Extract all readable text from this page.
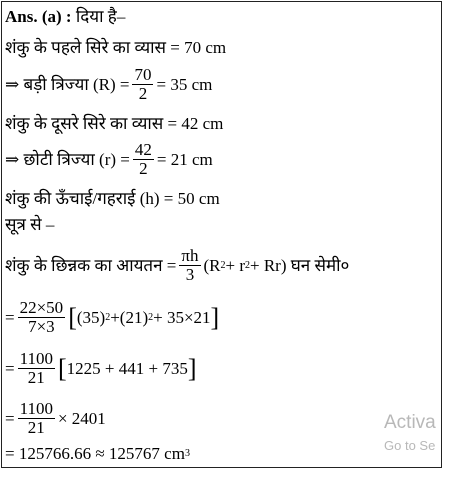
Ans. (a) :
दिया है–
शंकु के पहले सिरे का व्यास = 70 cm
⇒ बड़ी त्रिज्या $(R) = \frac{70}{2} = 35$ cm
शंकु के दूसरे सिरे का व्यास = 42 cm
⇒ छोटी त्रिज्या $(r) = \frac{42}{2} = 21$ cm
शंकु की ऊँचाई/गहराई (h) = 50 cm
सूत्र से –
शंकु के छिन्नक का आयतन = $\frac{\pi h}{3} (R$ 2 + r 2 + Rr)
घन सेमी०
= $\frac{22\times 50}{7\times 3}$ [ (35) 2 + (21) 2 + 35×21 ]
= $\frac{1100}{21}$ [ 1225 + 441 + 735 ]
= $\frac{1100}{21} \times 2401$
= 125766.66 ≈ 125767 cm 3
Activa
Go to Se
